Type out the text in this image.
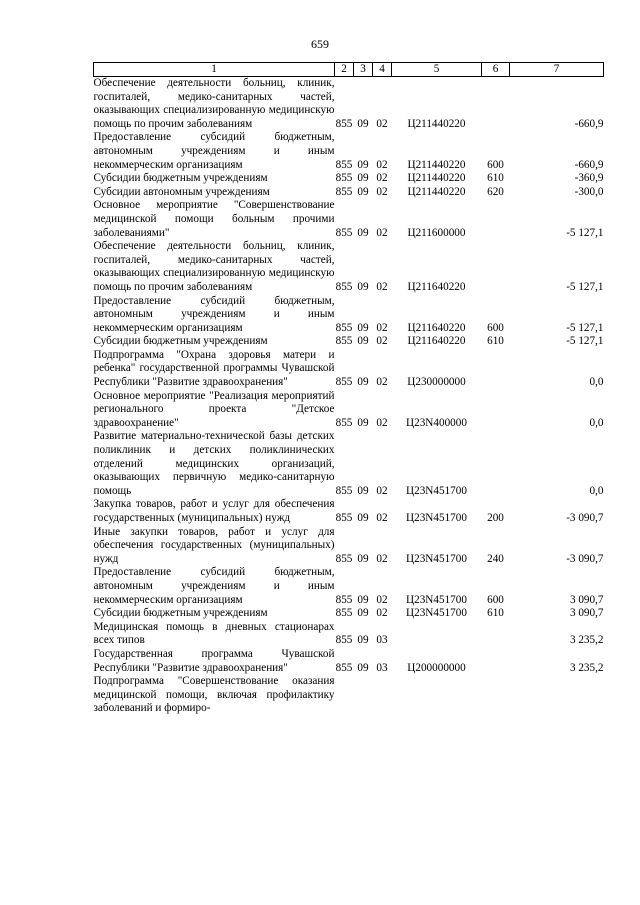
659
1	2	3	4	5	6	7
Обеспечение деятельности больниц, клиник, госпиталей, медико-санитарных частей, оказывающих специализированную медицинскую помощь по прочим заболеваниям	855	09	02	Ц211440220		-660,9
Предоставление субсидий бюджетным, автономным учреждениям и иным некоммерческим организациям	855	09	02	Ц211440220	600	-660,9
Субсидии бюджетным учреждениям	855	09	02	Ц211440220	610	-360,9
Субсидии автономным учреждениям	855	09	02	Ц211440220	620	-300,0
Основное мероприятие "Совершенствование медицинской помощи больным прочими заболеваниями"	855	09	02	Ц211600000		-5 127,1
Обеспечение деятельности больниц, клиник, госпиталей, медико-санитарных частей, оказывающих специализированную медицинскую помощь по прочим заболеваниям	855	09	02	Ц211640220		-5 127,1
Предоставление субсидий бюджетным, автономным учреждениям и иным некоммерческим организациям	855	09	02	Ц211640220	600	-5 127,1
Субсидии бюджетным учреждениям	855	09	02	Ц211640220	610	-5 127,1
Подпрограмма "Охрана здоровья матери и ребенка" государственной программы Чувашской Республики "Развитие здравоохранения"	855	09	02	Ц230000000		0,0
Основное мероприятие "Реализация мероприятий регионального проекта "Детское здравоохранение"	855	09	02	Ц23N400000		0,0
Развитие материально-технической базы детских поликлиник и детских поликлинических отделений медицинских организаций, оказывающих первичную медико-санитарную помощь	855	09	02	Ц23N451700		0,0
Закупка товаров, работ и услуг для обеспечения государственных (муниципальных) нужд	855	09	02	Ц23N451700	200	-3 090,7
Иные закупки товаров, работ и услуг для обеспечения государственных (муниципальных) нужд	855	09	02	Ц23N451700	240	-3 090,7
Предоставление субсидий бюджетным, автономным учреждениям и иным некоммерческим организациям	855	09	02	Ц23N451700	600	3 090,7
Субсидии бюджетным учреждениям	855	09	02	Ц23N451700	610	3 090,7
Медицинская помощь в дневных стационарах всех типов	855	09	03			3 235,2
Государственная программа Чувашской Республики "Развитие здравоохранения"	855	09	03	Ц200000000		3 235,2
Подпрограмма "Совершенствование оказания медицинской помощи, включая профилактику заболеваний и формиро-						
